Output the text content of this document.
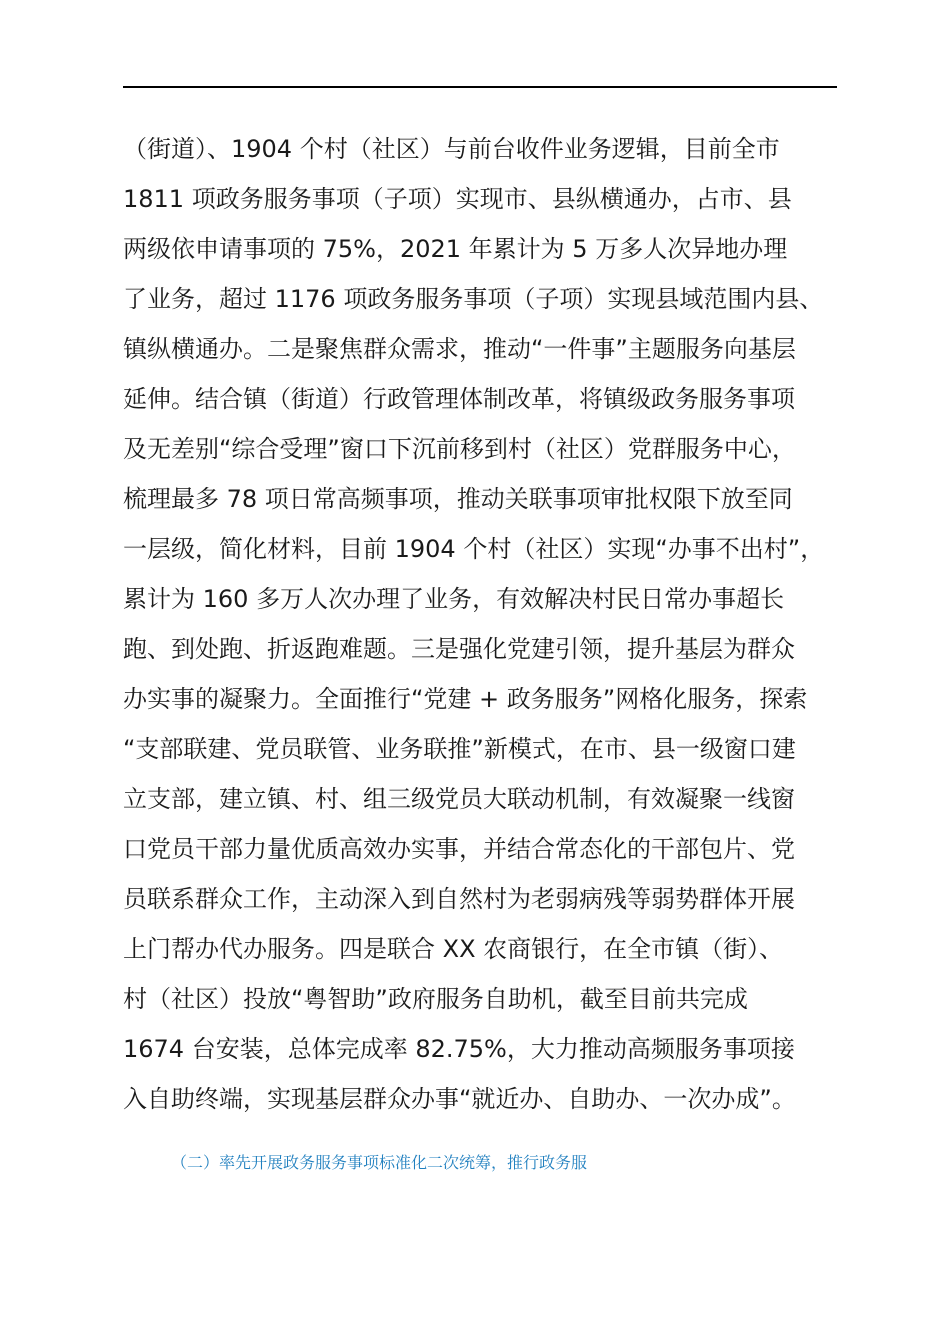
（街道）、1904 个村（社区）与前台收件业务逻辑，目前全市
1811 项政务服务事项（子项）实现市、县纵横通办，占市、县
两级依申请事项的 75%，2021 年累计为 5 万多人次异地办理
了业务，超过 1176 项政务服务事项（子项）实现县域范围内县、
镇纵横通办。二是聚焦群众需求，推动“一件事”主题服务向基层
延伸。结合镇（街道）行政管理体制改革，将镇级政务服务事项
及无差别“综合受理”窗口下沉前移到村（社区）党群服务中心，
梳理最多 78 项日常高频事项，推动关联事项审批权限下放至同
一层级，简化材料，目前 1904 个村（社区）实现“办事不出村”，
累计为 160 多万人次办理了业务，有效解决村民日常办事超长
跑、到处跑、折返跑难题。三是强化党建引领，提升基层为群众
办实事的凝聚力。全面推行“党建 + 政务服务”网格化服务，探索
“支部联建、党员联管、业务联推”新模式，在市、县一级窗口建
立支部，建立镇、村、组三级党员大联动机制，有效凝聚一线窗
口党员干部力量优质高效办实事，并结合常态化的干部包片、党
员联系群众工作，主动深入到自然村为老弱病残等弱势群体开展
上门帮办代办服务。四是联合 XX 农商银行，在全市镇（街）、
村（社区）投放“粤智助”政府服务自助机，截至目前共完成
1674 台安装，总体完成率 82.75%，大力推动高频服务事项接
入自助终端，实现基层群众办事“就近办、自助办、一次办成”。
（二）率先开展政务服务事项标准化二次统筹，推行政务服
